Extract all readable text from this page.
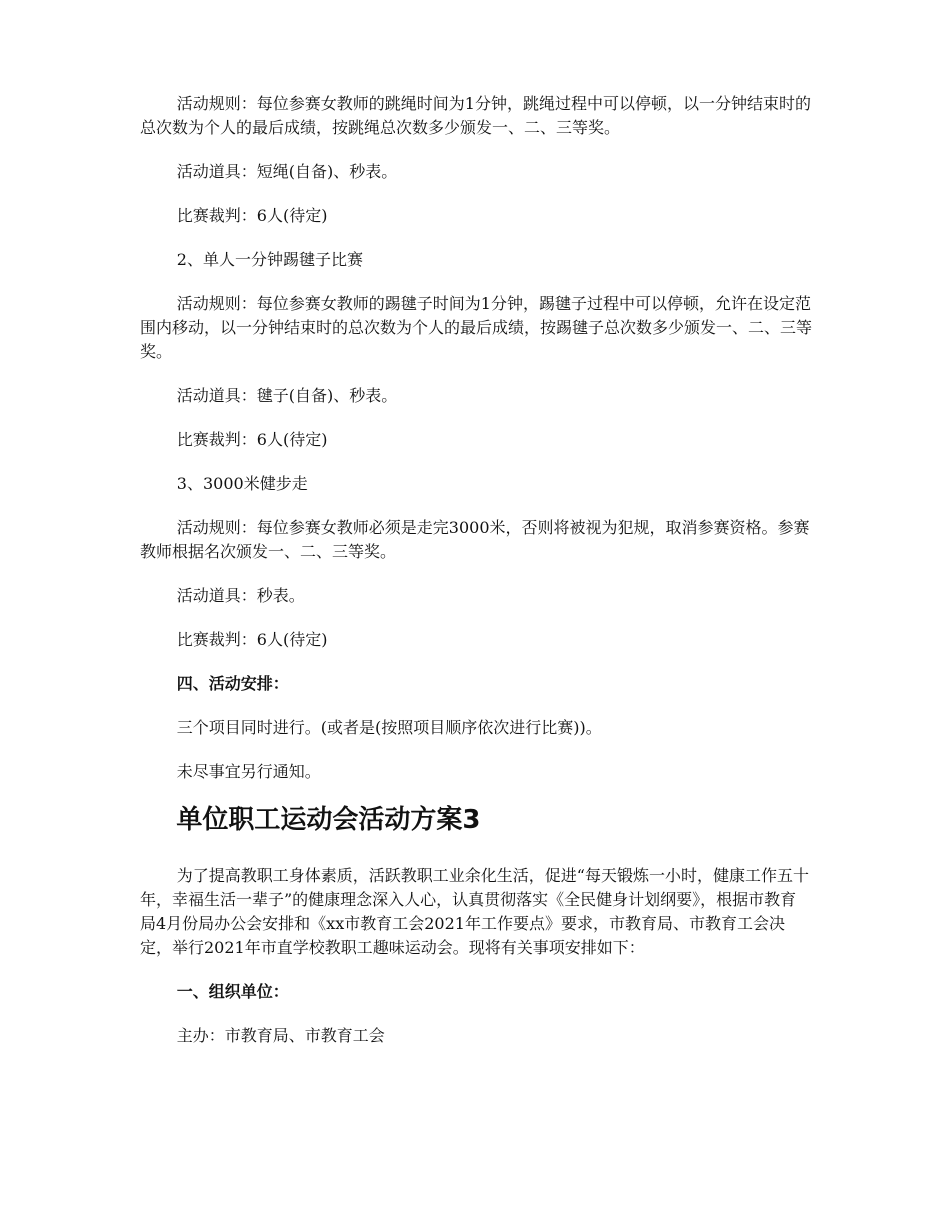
活动规则：每位参赛女教师的跳绳时间为1分钟，跳绳过程中可以停顿，以一分钟结束时的总次数为个人的最后成绩，按跳绳总次数多少颁发一、二、三等奖。

活动道具：短绳(自备)、秒表。

比赛裁判：6人(待定)

2、单人一分钟踢毽子比赛

活动规则：每位参赛女教师的踢毽子时间为1分钟，踢毽子过程中可以停顿，允许在设定范围内移动，以一分钟结束时的总次数为个人的最后成绩，按踢毽子总次数多少颁发一、二、三等奖。

活动道具：毽子(自备)、秒表。

比赛裁判：6人(待定)

3、3000米健步走

活动规则：每位参赛女教师必须是走完3000米，否则将被视为犯规，取消参赛资格。参赛教师根据名次颁发一、二、三等奖。

活动道具：秒表。

比赛裁判：6人(待定)

四、活动安排：

三个项目同时进行。(或者是(按照项目顺序依次进行比赛))。

未尽事宜另行通知。

单位职工运动会活动方案3

为了提高教职工身体素质，活跃教职工业余化生活，促进“每天锻炼一小时，健康工作五十年，幸福生活一辈子”的健康理念深入人心，认真贯彻落实《全民健身计划纲要》，根据市教育局4月份局办公会安排和《xx市教育工会2021年工作要点》要求，市教育局、市教育工会决定，举行2021年市直学校教职工趣味运动会。现将有关事项安排如下：

一、组织单位：

主办：市教育局、市教育工会
